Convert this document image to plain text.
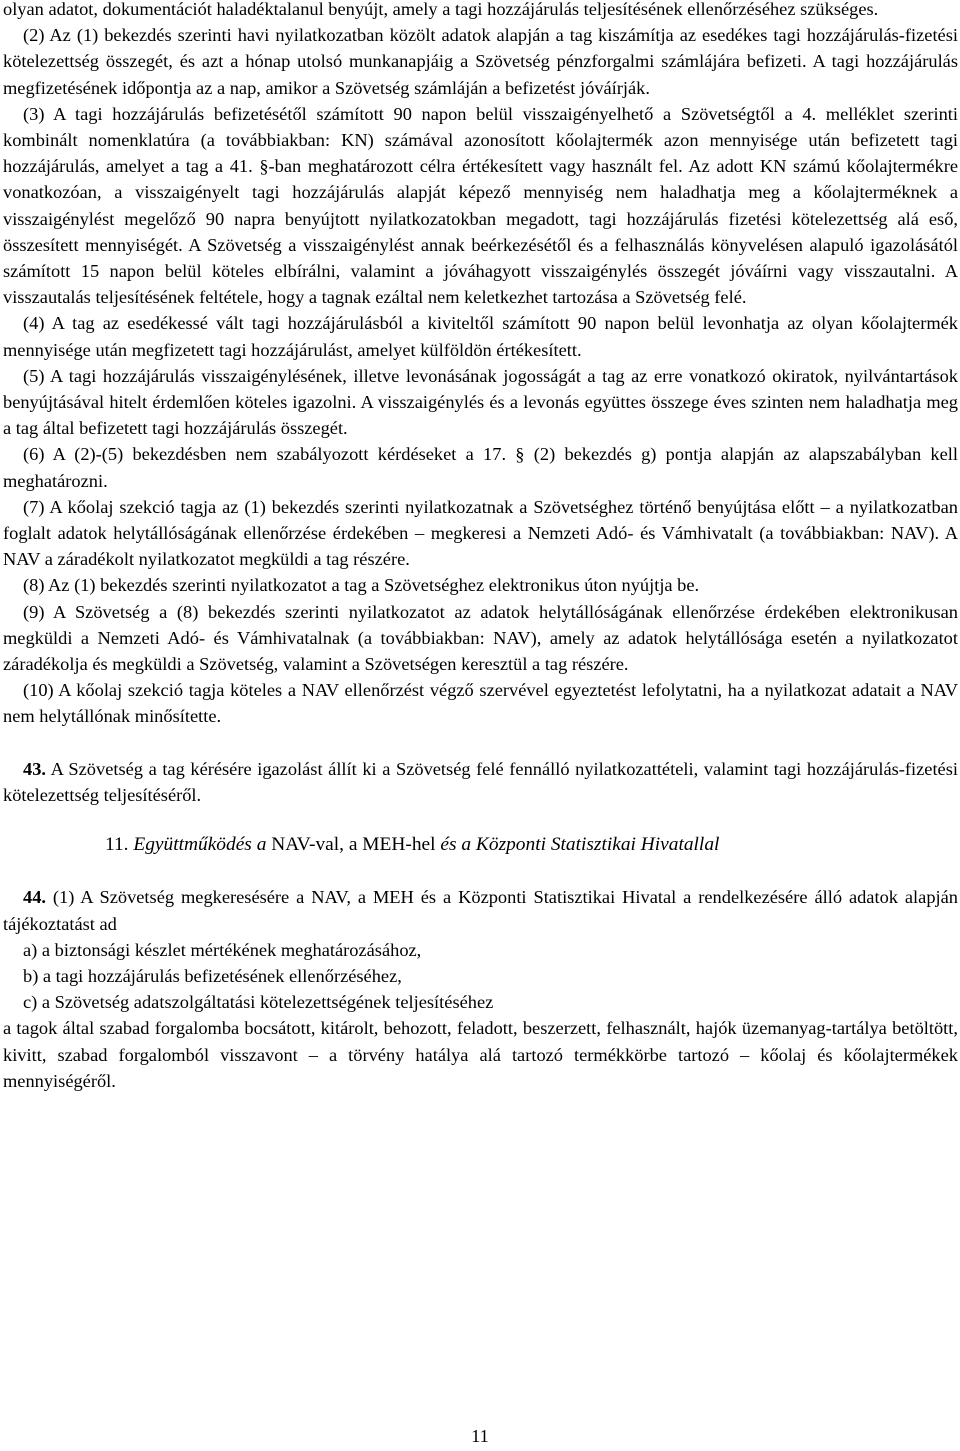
olyan adatot, dokumentációt haladéktalanul benyújt, amely a tagi hozzájárulás teljesítésének ellenőrzéséhez szükséges.

(2) Az (1) bekezdés szerinti havi nyilatkozatban közölt adatok alapján a tag kiszámítja az esedékes tagi hozzájárulás-fizetési kötelezettség összegét, és azt a hónap utolsó munkanapjáig a Szövetség pénzforgalmi számlájára befizeti. A tagi hozzájárulás megfizetésének időpontja az a nap, amikor a Szövetség számláján a befizetést jóváírják.

(3) A tagi hozzájárulás befizetésétől számított 90 napon belül visszaigényelhető a Szövetségtől a 4. melléklet szerinti kombinált nomenklatúra (a továbbiakban: KN) számával azonosított kőolajtermék azon mennyisége után befizetett tagi hozzájárulás, amelyet a tag a 41. §-ban meghatározott célra értékesített vagy használt fel. Az adott KN számú kőolajtermékre vonatkozóan, a visszaigényelt tagi hozzájárulás alapját képező mennyiség nem haladhatja meg a kőolajterméknek a visszaigénylést megelőző 90 napra benyújtott nyilatkozatokban megadott, tagi hozzájárulás fizetési kötelezettség alá eső, összesített mennyiségét. A Szövetség a visszaigénylést annak beérkezésétől és a felhasználás könyvelésen alapuló igazolásától számított 15 napon belül köteles elbírálni, valamint a jóváhagyott visszaigénylés összegét jóváírni vagy visszautalni. A visszautalás teljesítésének feltétele, hogy a tagnak ezáltal nem keletkezhet tartozása a Szövetség felé.

(4) A tag az esedékessé vált tagi hozzájárulásból a kiviteltől számított 90 napon belül levonhatja az olyan kőolajtermék mennyisége után megfizetett tagi hozzájárulást, amelyet külföldön értékesített.

(5) A tagi hozzájárulás visszaigénylésének, illetve levonásának jogosságát a tag az erre vonatkozó okiratok, nyilvántartások benyújtásával hitelt érdemlően köteles igazolni. A visszaigénylés és a levonás együttes összege éves szinten nem haladhatja meg a tag által befizetett tagi hozzájárulás összegét.

(6) A (2)-(5) bekezdésben nem szabályozott kérdéseket a 17. § (2) bekezdés g) pontja alapján az alapszabályban kell meghatározni.

(7) A kőolaj szekció tagja az (1) bekezdés szerinti nyilatkozatnak a Szövetséghez történő benyújtása előtt – a nyilatkozatban foglalt adatok helytállóságának ellenőrzése érdekében – megkeresi a Nemzeti Adó- és Vámhivatalt (a továbbiakban: NAV). A NAV a záradékolt nyilatkozatot megküldi a tag részére.

(8) Az (1) bekezdés szerinti nyilatkozatot a tag a Szövetséghez elektronikus úton nyújtja be.

(9) A Szövetség a (8) bekezdés szerinti nyilatkozatot az adatok helytállóságának ellenőrzése érdekében elektronikusan megküldi a Nemzeti Adó- és Vámhivatalnak (a továbbiakban: NAV), amely az adatok helytállósága esetén a nyilatkozatot záradékolja és megküldi a Szövetség, valamint a Szövetségen keresztül a tag részére.

(10) A kőolaj szekció tagja köteles a NAV ellenőrzést végző szervével egyeztetést lefolytatni, ha a nyilatkozat adatait a NAV nem helytállónak minősítette.

43. A Szövetség a tag kérésére igazolást állít ki a Szövetség felé fennálló nyilatkozattételi, valamint tagi hozzájárulás-fizetési kötelezettség teljesítéséről.

11. Együttműködés a NAV-val, a MEH-hel és a Központi Statisztikai Hivatallal

44. (1) A Szövetség megkeresésére a NAV, a MEH és a Központi Statisztikai Hivatal a rendelkezésére álló adatok alapján tájékoztatást ad

a) a biztonsági készlet mértékének meghatározásához,

b) a tagi hozzájárulás befizetésének ellenőrzéséhez,

c) a Szövetség adatszolgáltatási kötelezettségének teljesítéséhez

a tagok által szabad forgalomba bocsátott, kitárolt, behozott, feladott, beszerzett, felhasznált, hajók üzemanyag-tartálya betöltött, kivitt, szabad forgalomból visszavont – a törvény hatálya alá tartozó termékkörbe tartozó – kőolaj és kőolajtermékek mennyiségéről.

11
